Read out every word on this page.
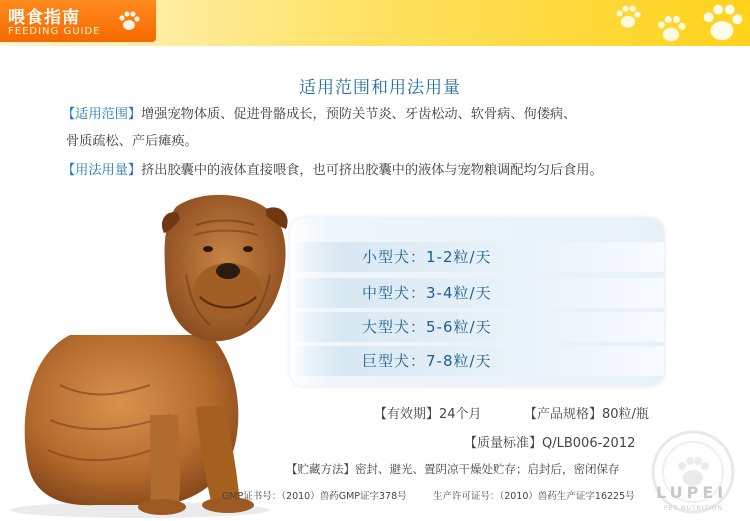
喂食指南
FEEDING GUIDE
适用范围和用法用量
【适用范围】增强宠物体质、促进骨骼成长，预防关节炎、牙齿松动、软骨病、佝偻病、
骨质疏松、产后瘫痪。
【用法用量】挤出胶囊中的液体直接喂食，也可挤出胶囊中的液体与宠物粮调配均匀后食用。
小型犬：1-2粒/天
中型犬：3-4粒/天
大型犬：5-6粒/天
巨型犬：7-8粒/天
【有效期】24个月	【产品规格】80粒/瓶
【质量标准】Q/LB006-2012
【贮藏方法】密封、避光、置阴凉干燥处贮存；启封后，密闭保存
GMP证书号：（2010）兽药GMP证字378号	生产许可证号：（2010）兽药生产证字16225号 LUPEI
PET NUTRITION
